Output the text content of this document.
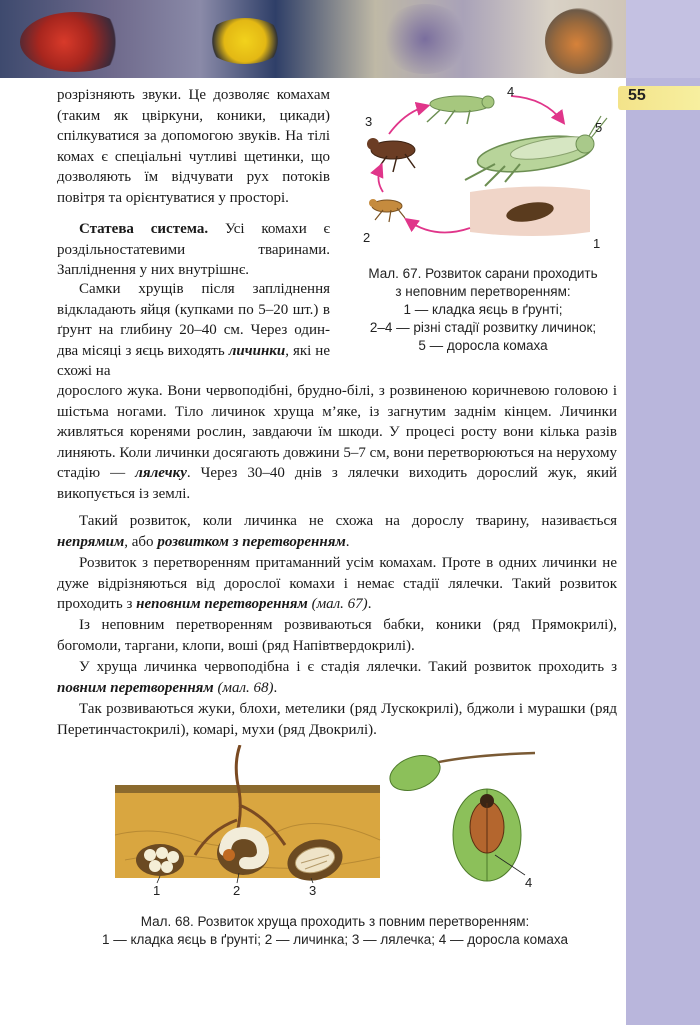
55

розрізняють звуки. Це дозволяє комахам (таким як цвіркуни, коники, цикади) спілкуватися за допомогою звуків. На тілі комах є спеціальні чутливі щетинки, що дозволяють їм відчувати рух потоків повітря та орієнтуватися у просторі.

Статева система. Усі комахи є роздільностатевими тваринами. Запліднення у них внутрішнє.

Самки хрущів після запліднення відкладають яйця (купками по 5–20 шт.) в ґрунт на глибину 20–40 см. Через один-два місяці з яєць виходять личинки, які не схожі на

дорослого жука. Вони червоподібні, брудно-білі, з розвиненою коричневою головою і шістьма ногами. Тіло личинок хруща м’яке, із загнутим заднім кінцем. Личинки живляться коренями рослин, завдаючи їм шкоди. У процесі росту вони кілька разів линяють. Коли личинки досягають довжини 5–7 см, вони перетворюються на нерухому стадію — лялечку. Через 30–40 днів з лялечки виходить дорослий жук, який викопується із землі.

Такий розвиток, коли личинка не схожа на дорослу тварину, називається непрямим, або розвитком з перетворенням.

Розвиток з перетворенням притаманний усім комахам. Проте в одних личинки не дуже відрізняються від дорослої комахи і немає стадії лялечки. Такий розвиток проходить з неповним перетворенням (мал. 67).

Із неповним перетворенням розвиваються бабки, коники (ряд Прямокрилі), богомоли, таргани, клопи, воші (ряд Напівтвердокрилі).

У хруща личинка червоподібна і є стадія лялечки. Такий розвиток проходить з повним перетворенням (мал. 68).

Так розвиваються жуки, блохи, метелики (ряд Лускокрилі), бджоли і мурашки (ряд Перетинчастокрилі), комарі, мухи (ряд Двокрилі).

1
2
3
4
5
Мал. 67. Розвиток сарани проходить
з неповним перетворенням:
1 — кладка яєць в ґрунті;
2–4 — різні стадії розвитку личинок;
5 — доросла комаха
1	2	3
4
Мал. 68. Розвиток хруща проходить з повним перетворенням:
1 — кладка яєць в ґрунті; 2 — личинка; 3 — лялечка; 4 — доросла комаха
